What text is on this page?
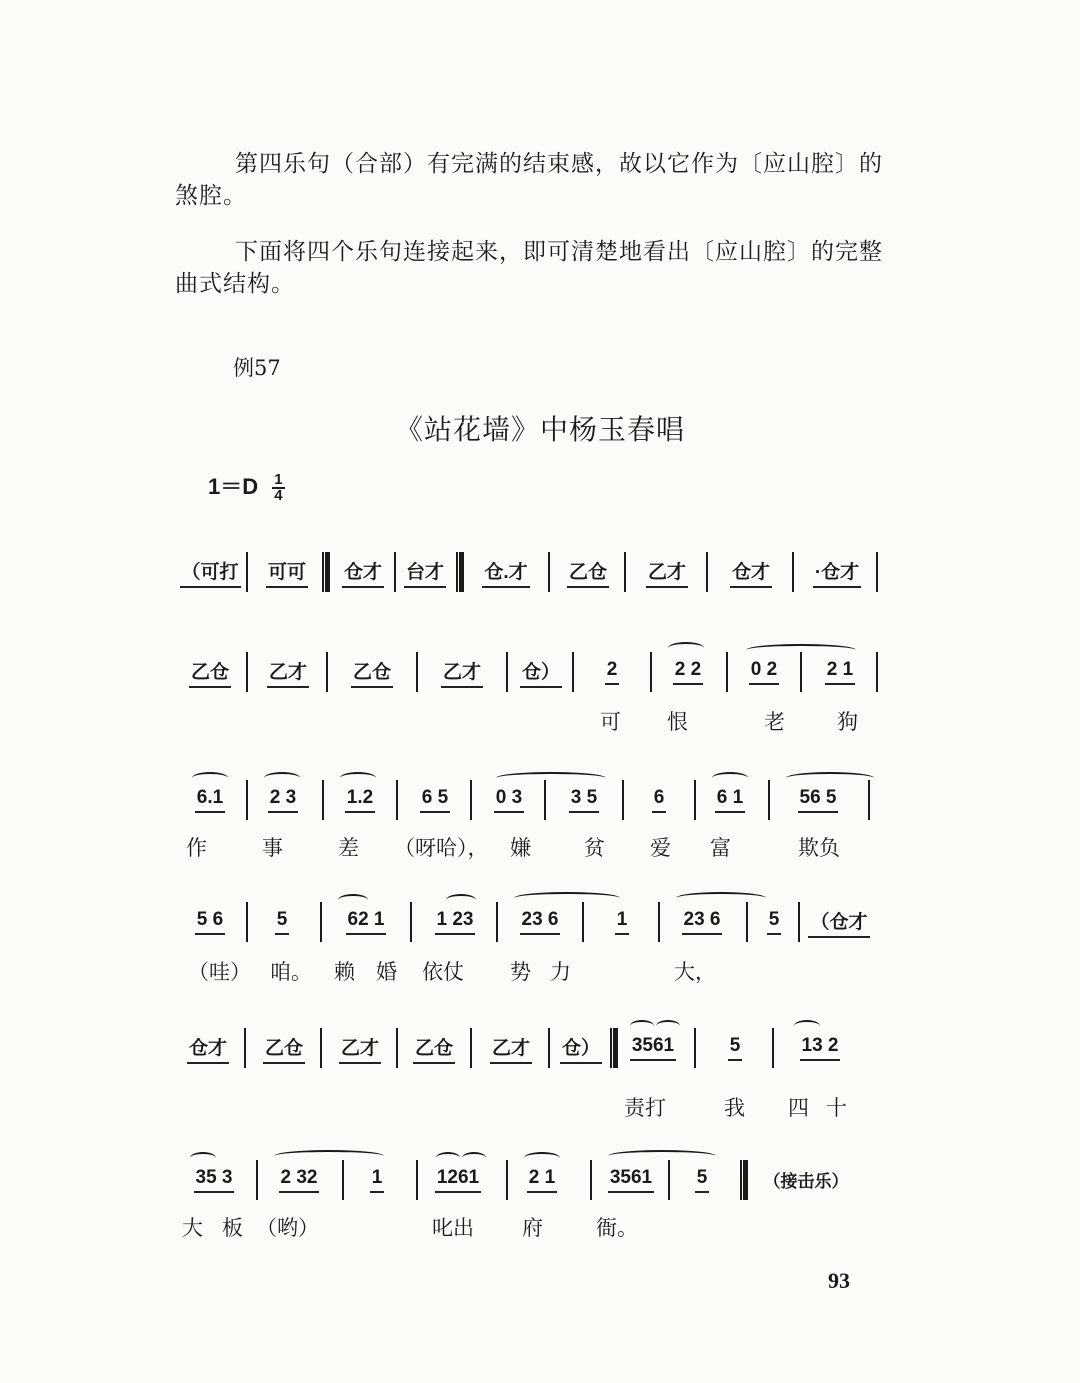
第四乐句（合部）有完满的结束感，故以它作为〔应山腔〕的

煞腔。

下面将四个乐句连接起来，即可清楚地看出〔应山腔〕的完整

曲式结构。

例57
《站花墙》中杨玉春唱
$1=D \frac{1}{4}$
（可打 可可 仓才 台才 仓.才 乙仓 乙才 仓才 ·仓才
乙仓 乙才 乙仓	乙才 仓） 2	2 2	0 2	2 1
可 恨	老 狗
6.1 2 3	1.2	6 5	0 3	3 5	6	6 1	56 5
作	事	差 （呀哈）， 嫌	贫 爱 富	欺负
5 6	5	62 1	1 23	23 6	1	23 6	5 （仓才
（哇） 咱。 赖 婚 依仗 势 力	大，
仓才 乙仓 乙才 乙仓 乙才 仓） 3561	5	13 2
责打	我 四 十
35 3	2 32	1	1261	2 1	3561 5	（接击乐）
大 板 （哟）	叱出 府	衙。
93
